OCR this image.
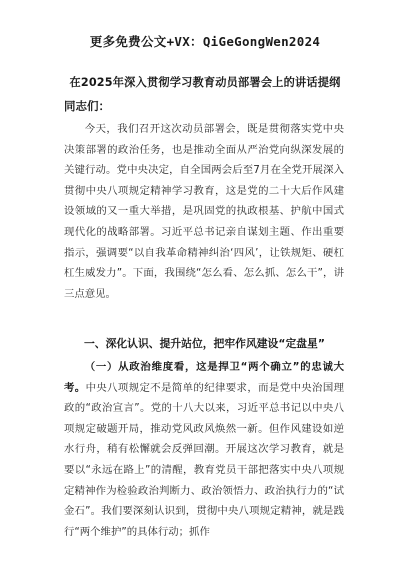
更多免费公文+VX：QiGeGongWen2024
在2025年深入贯彻学习教育动员部署会上的讲话提纲
同志们：
今天，我们召开这次动员部署会，既是贯彻落实党中央决策部署的政治任务，也是推动全面从严治党向纵深发展的关键行动。党中央决定，自全国两会后至7月在全党开展深入贯彻中央八项规定精神学习教育，这是党的二十大后作风建设领域的又一重大举措，是巩固党的执政根基、护航中国式现代化的战略部署。习近平总书记亲自谋划主题、作出重要指示，强调要“以自我革命精神纠治‘四风’，让铁规矩、硬杠杠生威发力”。下面，我围绕“怎么看、怎么抓、怎么干”，讲三点意见。
一、深化认识、提升站位，把牢作风建设“定盘星”
（一）从政治维度看，这是捍卫“两个确立”的忠诚大考。中央八项规定不是简单的纪律要求，而是党中央治国理政的“政治宣言”。党的十八大以来，习近平总书记以中央八项规定破题开局，推动党风政风焕然一新。但作风建设如逆水行舟，稍有松懈就会反弹回潮。开展这次学习教育，就是要以“永远在路上”的清醒，教育党员干部把落实中央八项规定精神作为检验政治判断力、政治领悟力、政治执行力的“试金石”。我们要深刻认识到，贯彻中央八项规定精神，就是践行“两个维护”的具体行动；抓作
